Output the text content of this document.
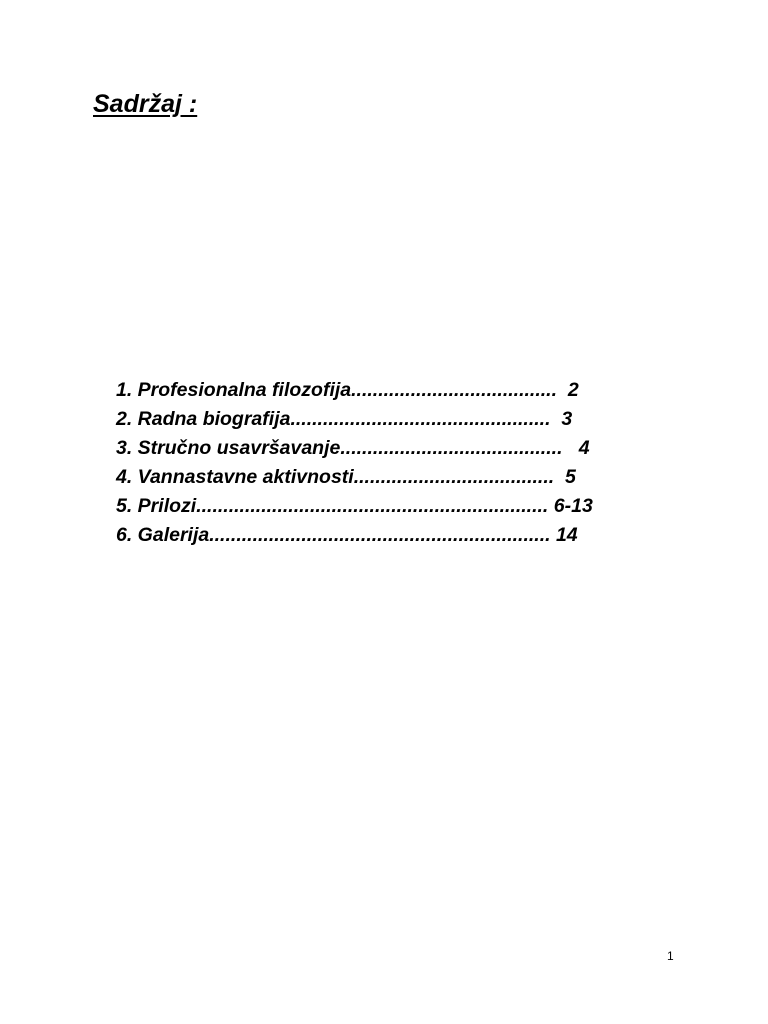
Sadržaj :
1. Profesionalna filozofija......................................  2
2. Radna biografija................................................  3
3. Stručno usavršavanje.........................................   4
4. Vannastavne aktivnosti.....................................  5
5. Prilozi................................................................. 6-13
6. Galerija............................................................... 14
1
